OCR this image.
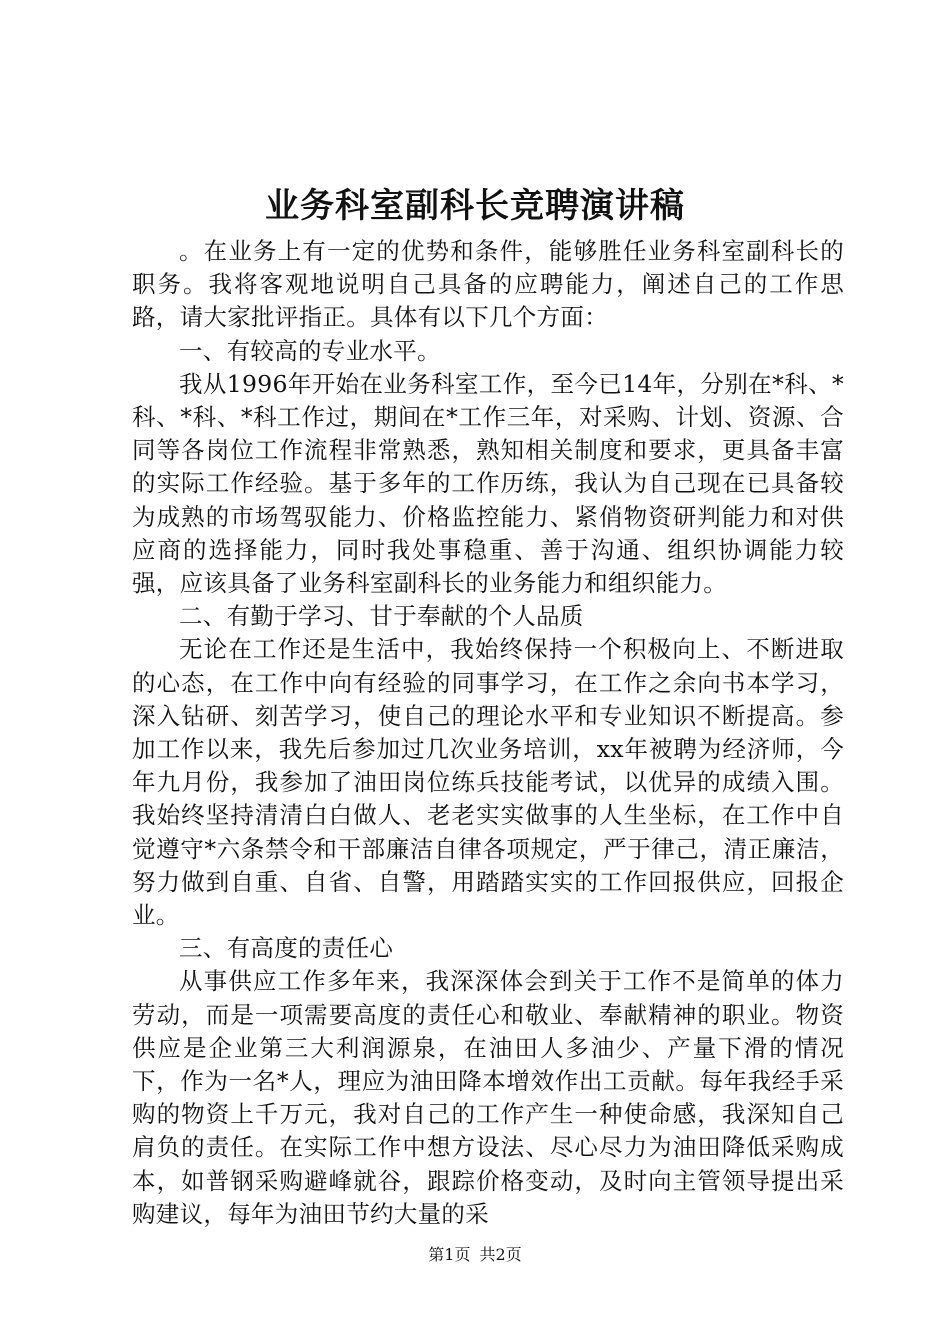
业务科室副科长竞聘演讲稿

。在业务上有一定的优势和条件，能够胜任业务科室副科长的职务。我将客观地说明自己具备的应聘能力，阐述自己的工作思路，请大家批评指正。具体有以下几个方面：

一、有较高的专业水平。

我从1996年开始在业务科室工作，至今已14年，分别在*科、*科、*科、*科工作过，期间在*工作三年，对采购、计划、资源、合同等各岗位工作流程非常熟悉，熟知相关制度和要求，更具备丰富的实际工作经验。基于多年的工作历练，我认为自己现在已具备较为成熟的市场驾驭能力、价格监控能力、紧俏物资研判能力和对供应商的选择能力，同时我处事稳重、善于沟通、组织协调能力较强，应该具备了业务科室副科长的业务能力和组织能力。

二、有勤于学习、甘于奉献的个人品质

无论在工作还是生活中，我始终保持一个积极向上、不断进取的心态，在工作中向有经验的同事学习，在工作之余向书本学习，深入钻研、刻苦学习，使自己的理论水平和专业知识不断提高。参加工作以来，我先后参加过几次业务培训，xx年被聘为经济师，今年九月份，我参加了油田岗位练兵技能考试，以优异的成绩入围。我始终坚持清清白白做人、老老实实做事的人生坐标，在工作中自觉遵守*六条禁令和干部廉洁自律各项规定，严于律己，清正廉洁，努力做到自重、自省、自警，用踏踏实实的工作回报供应，回报企业。

三、有高度的责任心

从事供应工作多年来，我深深体会到关于工作不是简单的体力劳动，而是一项需要高度的责任心和敬业、奉献精神的职业。物资供应是企业第三大利润源泉，在油田人多油少、产量下滑的情况下，作为一名*人，理应为油田降本增效作出工贡献。每年我经手采购的物资上千万元，我对自己的工作产生一种使命感，我深知自己肩负的责任。在实际工作中想方设法、尽心尽力为油田降低采购成本，如普钢采购避峰就谷，跟踪价格变动，及时向主管领导提出采购建议，每年为油田节约大量的采

第1页 共2页
